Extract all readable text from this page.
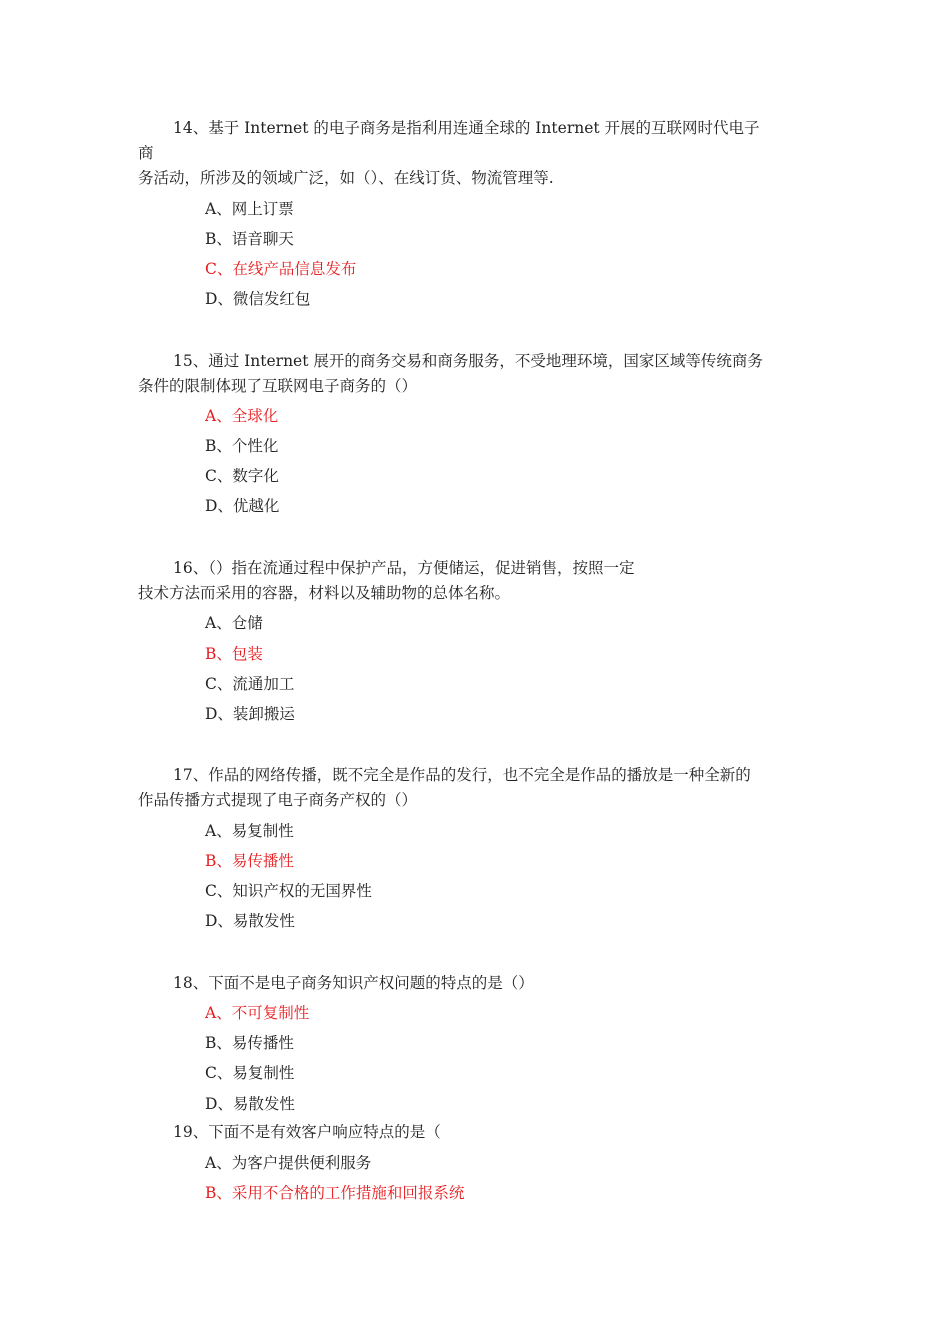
14、基于 Internet 的电子商务是指利用连通全球的 Internet 开展的互联网时代电子
商
务活动，所涉及的领域广泛，如（）、在线订货、物流管理等.
A、网上订票
B、语音聊天
C、在线产品信息发布
D、微信发红包
15、通过 Internet 展开的商务交易和商务服务，不受地理环境，国家区域等传统商务
条件的限制体现了互联网电子商务的（）
A、全球化
B、个性化
C、数字化
D、优越化
16、（）指在流通过程中保护产品，方便储运，促进销售，按照一定
技术方法而采用的容器，材料以及辅助物的总体名称。
A、仓储
B、包装
C、流通加工
D、装卸搬运
17、作品的网络传播，既不完全是作品的发行，也不完全是作品的播放是一种全新的
作品传播方式提现了电子商务产权的（）
A、易复制性
B、易传播性
C、知识产权的无国界性
D、易散发性
18、下面不是电子商务知识产权问题的特点的是（）
A、不可复制性
B、易传播性
C、易复制性
D、易散发性
19、下面不是有效客户响应特点的是（
A、为客户提供便利服务
B、采用不合格的工作措施和回报系统
